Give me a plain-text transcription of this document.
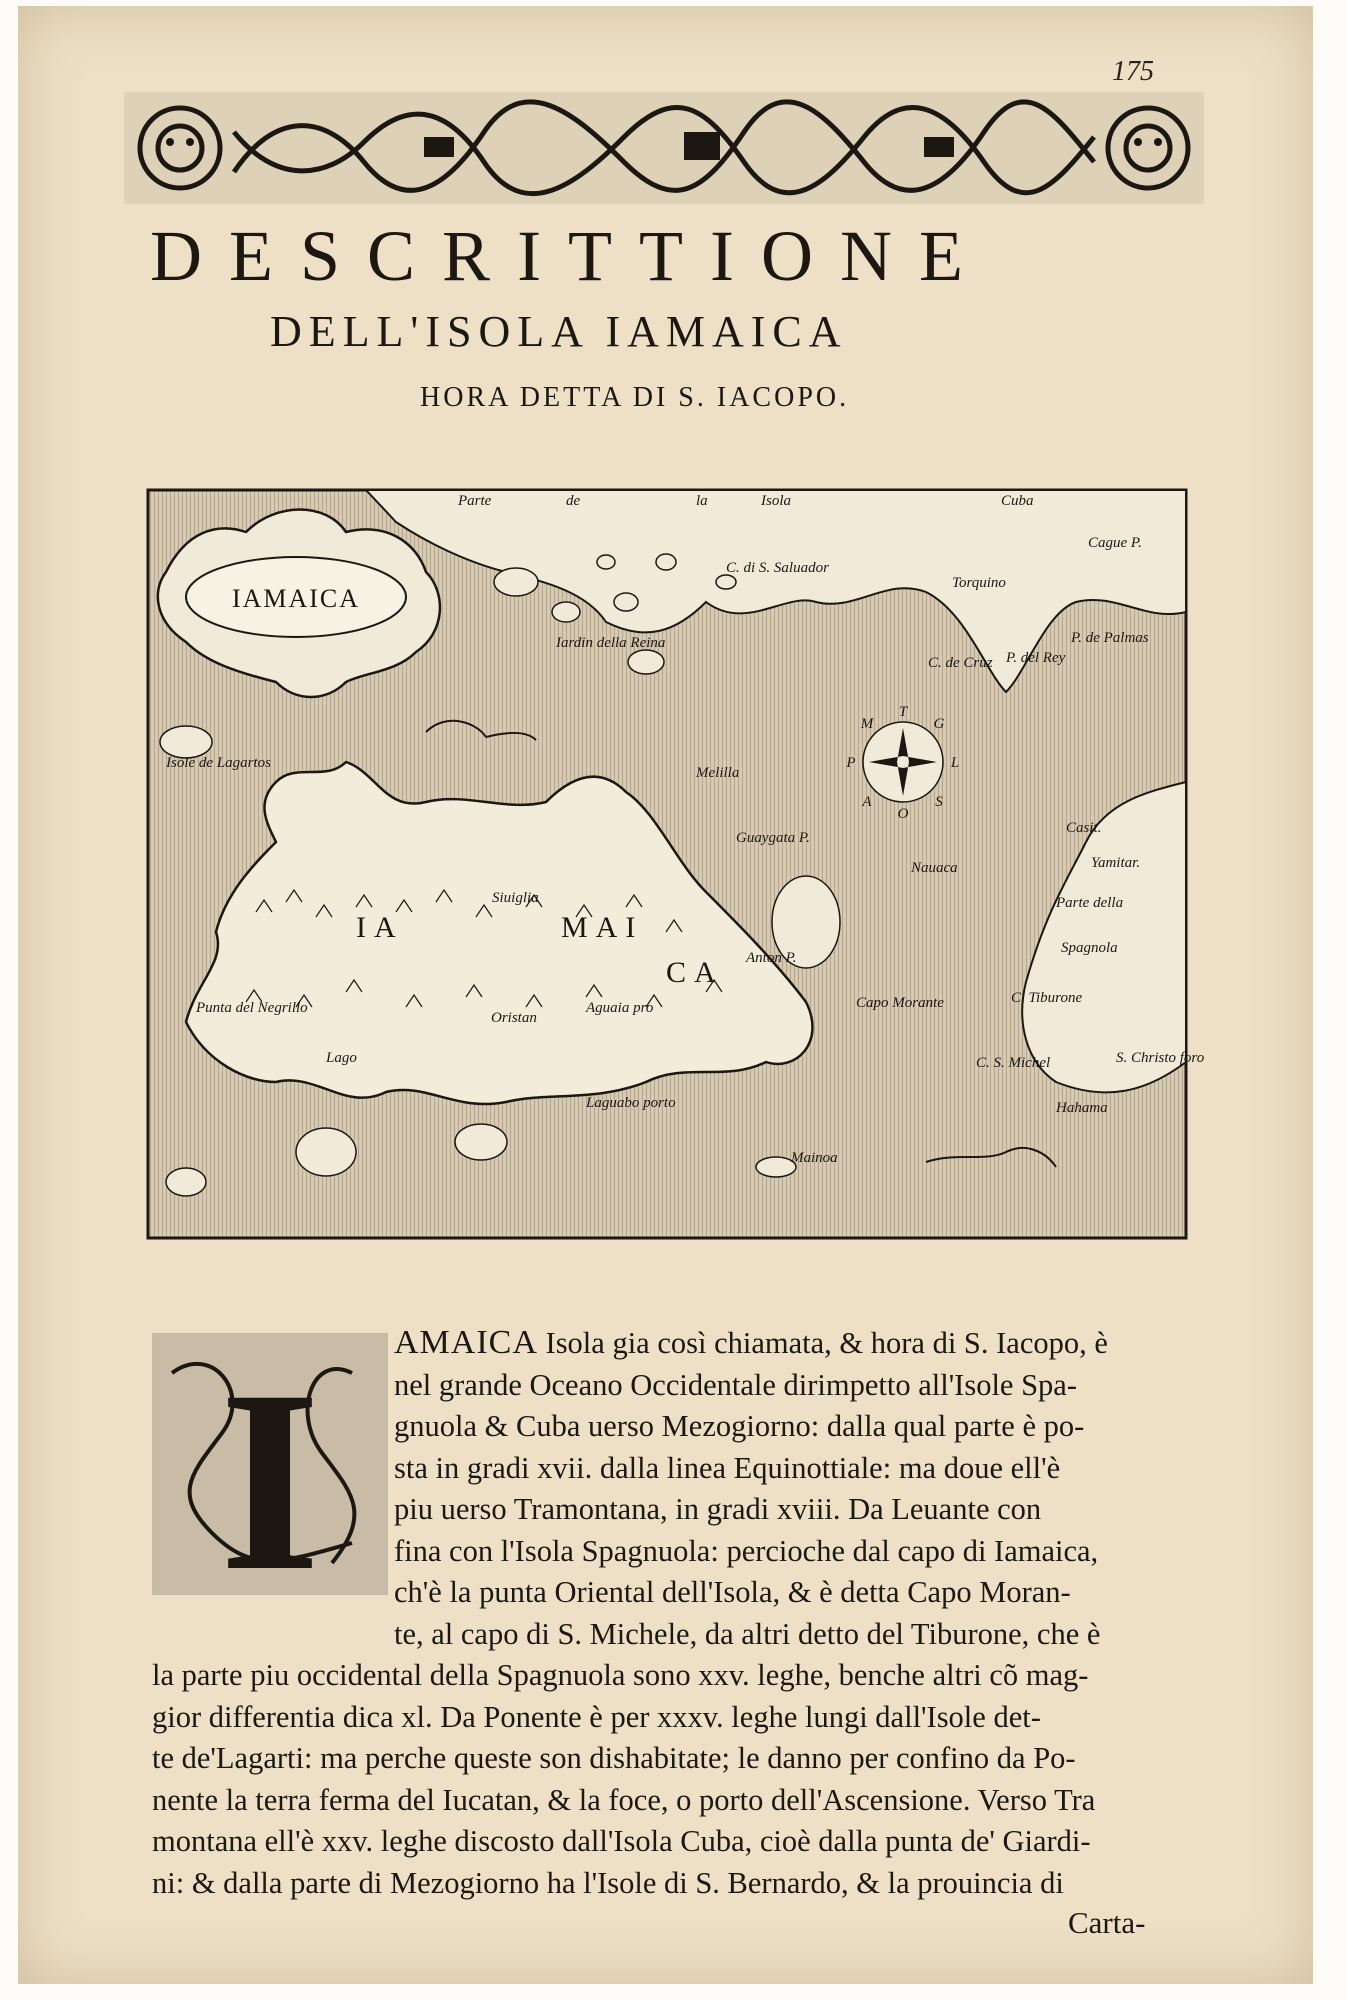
175
DESCRITTIONE
DELL'ISOLA IAMAICA
HORA DETTA DI S. IACOPO.
IAMAICA
T
G
L
S
O
A
P
M
IA	MAI
CA
Parte	de	la	Isola	Cuba
Cague P.
C. di S. Saluador
Torquino
Iardin della Reina
C. de Cruz P. del Rey
P. de Palmas
Isole de Lagartos
Melilla
Guaygata P.
Casit.
Yamitar.
Nauaca
Parte della
Spagnola
Siuiglia
Anton P.
C. Tiburone
Punta del Negrillo
Oristan
Aguaia pro	Capo Morante
C. S. Michel	S. Christo foro
Lago
Laguabo porto	Hahama
Mainoa
I	AMAICA Isola gia così chiamata, & hora di S. Iacopo, è
nel grande Oceano Occidentale dirimpetto all'Isole Spa-
gnuola & Cuba uerso Mezogiorno: dalla qual parte è po-
sta in gradi xvii. dalla linea Equinottiale: ma doue ell'è
piu uerso Tramontana, in gradi xviii. Da Leuante con
fina con l'Isola Spagnuola: percioche dal capo di Iamaica,
ch'è la punta Oriental dell'Isola, & è detta Capo Moran-
te, al capo di S. Michele, da altri detto del Tiburone, che è
la parte piu occidental della Spagnuola sono xxv. leghe, benche altri cõ mag-
gior differentia dica xl. Da Ponente è per xxxv. leghe lungi dall'Isole det-
te de'Lagarti: ma perche queste son dishabitate; le danno per confino da Po-
nente la terra ferma del Iucatan, & la foce, o porto dell'Ascensione. Verso Tra
montana ell'è xxv. leghe discosto dall'Isola Cuba, cioè dalla punta de' Giardi-
ni: & dalla parte di Mezogiorno ha l'Isole di S. Bernardo, & la prouincia di
Carta-
